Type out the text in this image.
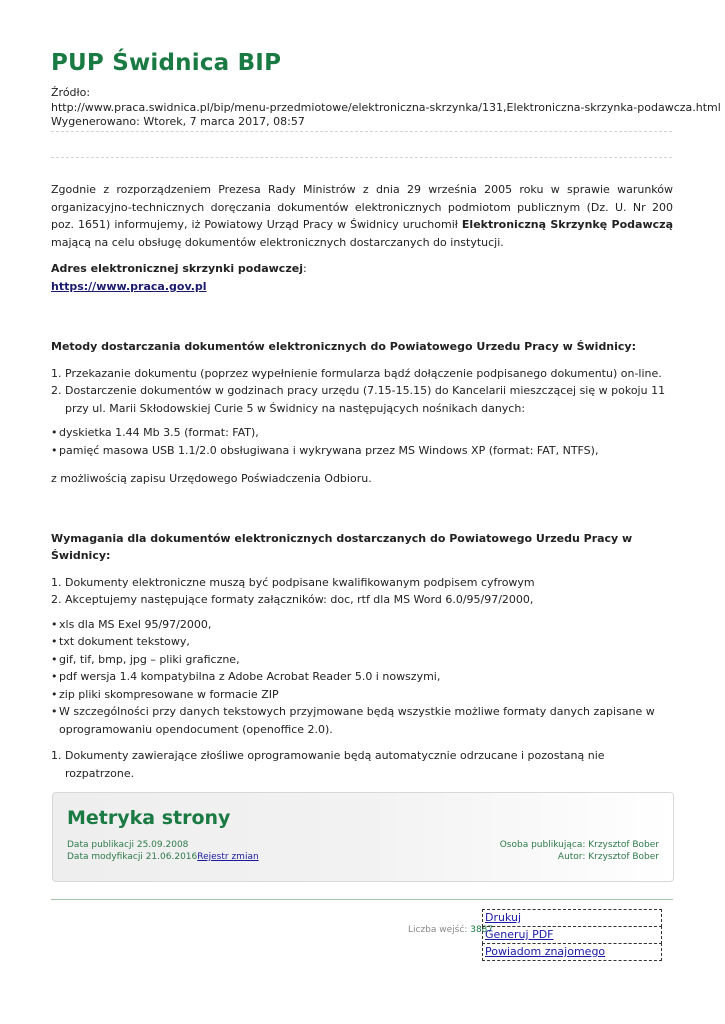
PUP Świdnica BIP
Źródło:
http://www.praca.swidnica.pl/bip/menu-przedmiotowe/elektroniczna-skrzynka/131,Elektroniczna-skrzynka-podawcza.html
Wygenerowano: Wtorek, 7 marca 2017, 08:57

Zgodnie z rozporządzeniem Prezesa Rady Ministrów z dnia 29 września 2005 roku w sprawie warunków organizacyjno-technicznych doręczania dokumentów elektronicznych podmiotom publicznym (Dz. U. Nr 200 poz. 1651) informujemy, iż Powiatowy Urząd Pracy w Świdnicy uruchomił Elektroniczną Skrzynkę Podawczą mającą na celu obsługę dokumentów elektronicznych dostarczanych do instytucji.

Adres elektronicznej skrzynki podawczej:
https://www.praca.gov.pl

Metody dostarczania dokumentów elektronicznych do Powiatowego Urzedu Pracy w Świdnicy:

1. Przekazanie dokumentu (poprzez wypełnienie formularza bądź dołączenie podpisanego dokumentu) on-line.
2. Dostarczenie dokumentów w godzinach pracy urzędu (7.15-15.15) do Kancelarii mieszczącej się w pokoju 11 przy ul. Marii Skłodowskiej Curie 5 w Świdnicy na następujących nośnikach danych:
• dyskietka 1.44 Mb 3.5 (format: FAT),
• pamięć masowa USB 1.1/2.0 obsługiwana i wykrywana przez MS Windows XP (format: FAT, NTFS),

z możliwością zapisu Urzędowego Poświadczenia Odbioru.

Wymagania dla dokumentów elektronicznych dostarczanych do Powiatowego Urzedu Pracy w Świdnicy:

1. Dokumenty elektroniczne muszą być podpisane kwalifikowanym podpisem cyfrowym
2. Akceptujemy następujące formaty załączników: doc, rtf dla MS Word 6.0/95/97/2000,
• xls dla MS Exel 95/97/2000,
• txt dokument tekstowy,
• gif, tif, bmp, jpg – pliki graficzne,
• pdf wersja 1.4 kompatybilna z Adobe Acrobat Reader 5.0 i nowszymi,
• zip pliki skompresowane w formacie ZIP
• W szczególności przy danych tekstowych przyjmowane będą wszystkie możliwe formaty danych zapisane w oprogramowaniu opendocument (openoffice 2.0).
1. Dokumenty zawierające złośliwe oprogramowanie będą automatycznie odrzucane i pozostaną nie rozpatrzone.
Metryka strony
Data publikacji 25.09.2008
Data modyfikacji 21.06.2016Rejestr zmian
Osoba publikująca: Krzysztof Bober
Autor: Krzysztof Bober
Liczba wejść: 3887
Drukuj
Generuj PDF
Powiadom znajomego
